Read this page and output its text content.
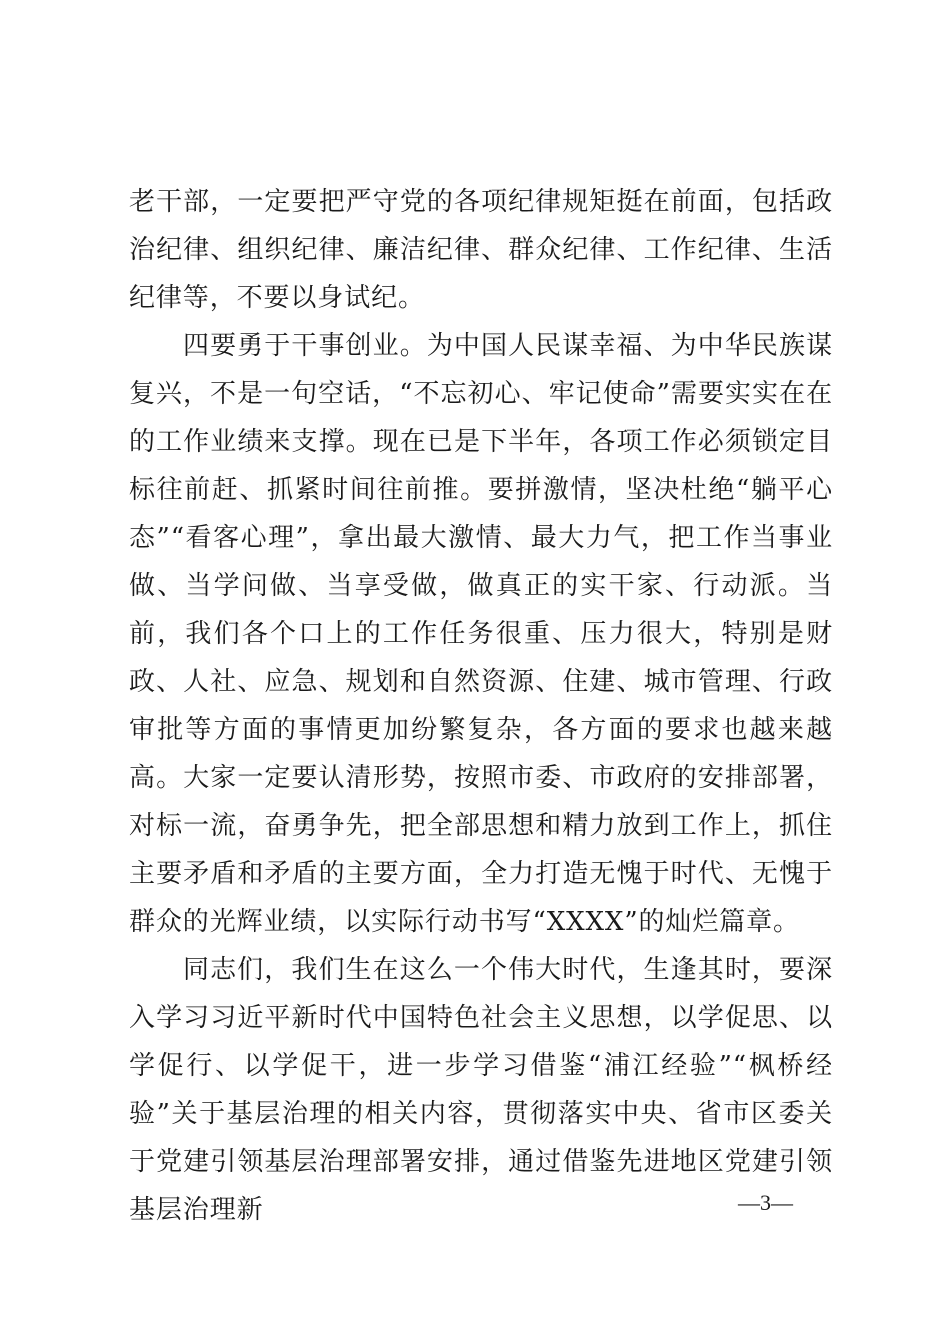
老干部，一定要把严守党的各项纪律规矩挺在前面，包括政治纪律、组织纪律、廉洁纪律、群众纪律、工作纪律、生活纪律等，不要以身试纪。

四要勇于干事创业。为中国人民谋幸福、为中华民族谋复兴，不是一句空话，“不忘初心、牢记使命”需要实实在在的工作业绩来支撑。现在已是下半年，各项工作必须锁定目标往前赶、抓紧时间往前推。要拼激情，坚决杜绝“躺平心态”“看客心理”，拿出最大激情、最大力气，把工作当事业做、当学问做、当享受做，做真正的实干家、行动派。当前，我们各个口上的工作任务很重、压力很大，特别是财政、人社、应急、规划和自然资源、住建、城市管理、行政审批等方面的事情更加纷繁复杂，各方面的要求也越来越高。大家一定要认清形势，按照市委、市政府的安排部署，对标一流，奋勇争先，把全部思想和精力放到工作上，抓住主要矛盾和矛盾的主要方面，全力打造无愧于时代、无愧于群众的光辉业绩，以实际行动书写“XXXX”的灿烂篇章。

同志们，我们生在这么一个伟大时代，生逢其时，要深入学习习近平新时代中国特色社会主义思想，以学促思、以学促行、以学促干，进一步学习借鉴“浦江经验”“枫桥经验”关于基层治理的相关内容，贯彻落实中央、省市区委关于党建引领基层治理部署安排，通过借鉴先进地区党建引领基层治理新	—3—
